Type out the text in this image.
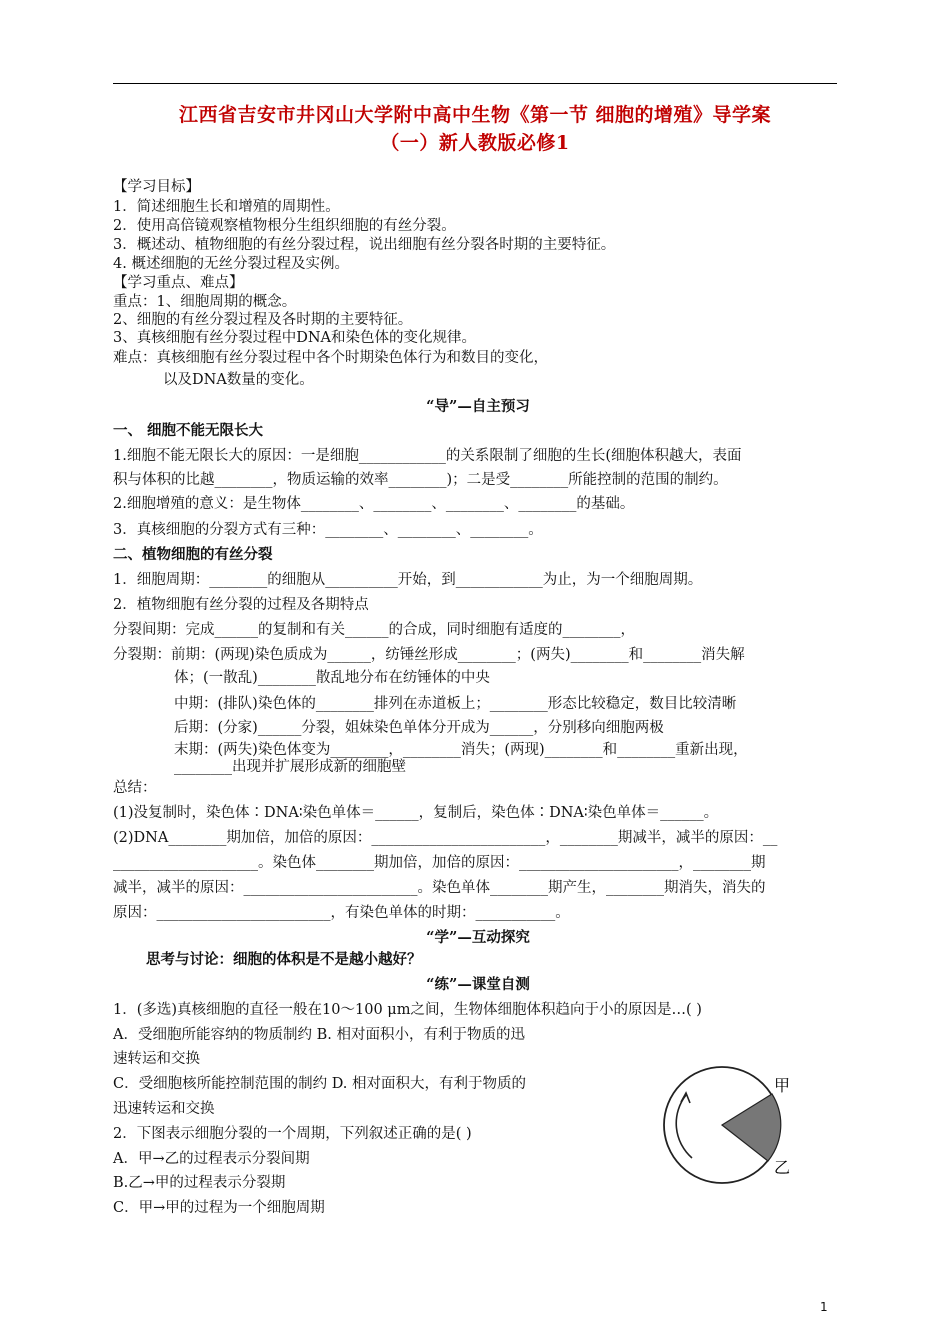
江西省吉安市井冈山大学附中高中生物《第一节 细胞的增殖》导学案
（一）新人教版必修1
【学习目标】
1．简述细胞生长和增殖的周期性。
2．使用高倍镜观察植物根分生组织细胞的有丝分裂。
3．概述动、植物细胞的有丝分裂过程，说出细胞有丝分裂各时期的主要特征。
4. 概述细胞的无丝分裂过程及实例。
【学习重点、难点】
重点：1、细胞周期的概念。
2、细胞的有丝分裂过程及各时期的主要特征。
3、真核细胞有丝分裂过程中DNA和染色体的变化规律。
难点：真核细胞有丝分裂过程中各个时期染色体行为和数目的变化，
以及DNA数量的变化。
“导”—自主预习
一、 细胞不能无限长大
1.细胞不能无限长大的原因：一是细胞____________的关系限制了细胞的生长(细胞体积越大，表面
积与体积的比越________，物质运输的效率________)；二是受________所能控制的范围的制约。
2.细胞增殖的意义：是生物体________、________、________、________的基础。
3．真核细胞的分裂方式有三种：________、________、________。
二、植物细胞的有丝分裂
1．细胞周期：________的细胞从__________开始，到____________为止，为一个细胞周期。
2．植物细胞有丝分裂的过程及各期特点
分裂间期：完成______的复制和有关______的合成，同时细胞有适度的________，
分裂期：前期：(两现)染色质成为______，纺锤丝形成________；(两失)________和________消失解
体；(一散乱)________散乱地分布在纺锤体的中央
中期：(排队)染色体的________排列在赤道板上；________形态比较稳定，数目比较清晰
后期：(分家)______分裂，姐妹染色单体分开成为______，分别移向细胞两极
末期：(两失)染色体变为________，________消失；(两现)________和________重新出现，
________出现并扩展形成新的细胞壁
总结：
(1)没复制时，染色体∶DNA∶染色单体＝______，复制后，染色体∶DNA∶染色单体＝______。
(2)DNA________期加倍，加倍的原因：________________________，________期减半，减半的原因：__
____________________。染色体________期加倍，加倍的原因：______________________，________期
减半，减半的原因：________________________。染色单体________期产生，________期消失，消失的
原因：________________________，有染色单体的时期：___________。
“学”—互动探究
思考与讨论：细胞的体积是不是越小越好？
“练”—课堂自测
1．(多选)真核细胞的直径一般在10～100 μm之间，生物体细胞体积趋向于小的原因是…( )
A．受细胞所能容纳的物质制约 B. 相对面积小，有利于物质的迅
速转运和交换
C．受细胞核所能控制范围的制约 D. 相对面积大，有利于物质的
迅速转运和交换
2．下图表示细胞分裂的一个周期，下列叙述正确的是( )
A．甲→乙的过程表示分裂间期
B.乙→甲的过程表示分裂期
C．甲→甲的过程为一个细胞周期
甲
乙
1
